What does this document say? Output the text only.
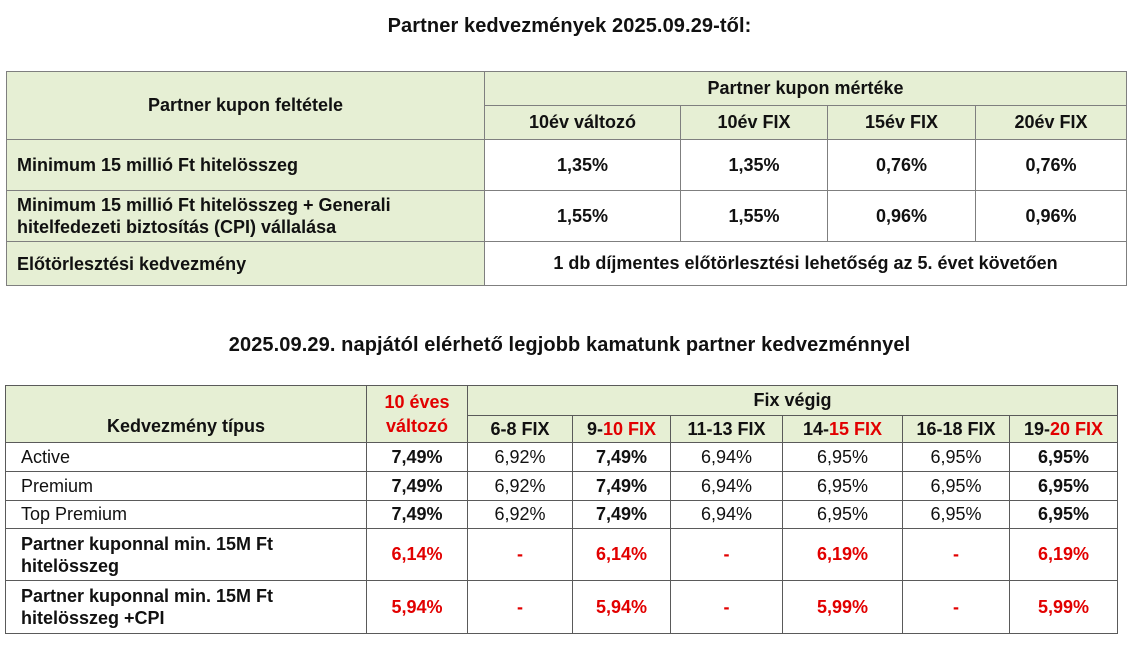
Partner kedvezmények 2025.09.29-től:
Partner kupon feltétele	Partner kupon mértéke			
	10év változó	10év FIX	15év FIX	20év FIX
Minimum 15 millió Ft hitelösszeg	1,35%	1,35%	0,76%	0,76%
Minimum 15 millió Ft hitelösszeg + Generali
hitelfedezeti biztosítás (CPI) vállalása	1,55%	1,55%	0,96%	0,96%
Előtörlesztési kedvezmény	1 db díjmentes előtörlesztési lehetőség az 5. évet követően			
2025.09.29. napjától elérhető legjobb kamatunk partner kedvezménnyel
Kedvezmény típus	10 éves
változó	Fix végig					
		6-8 FIX	9-10 FIX	11-13 FIX	14-15 FIX	16-18 FIX	19-20 FIX
Active	7,49%	6,92%	7,49%	6,94%	6,95%	6,95%	6,95%
Premium	7,49%	6,92%	7,49%	6,94%	6,95%	6,95%	6,95%
Top Premium	7,49%	6,92%	7,49%	6,94%	6,95%	6,95%	6,95%
Partner kuponnal min. 15M Ft
hitelösszeg	6,14%	-	6,14%	-	6,19%	-	6,19%
Partner kuponnal min. 15M Ft
hitelösszeg +CPI	5,94%	-	5,94%	-	5,99%	-	5,99%
